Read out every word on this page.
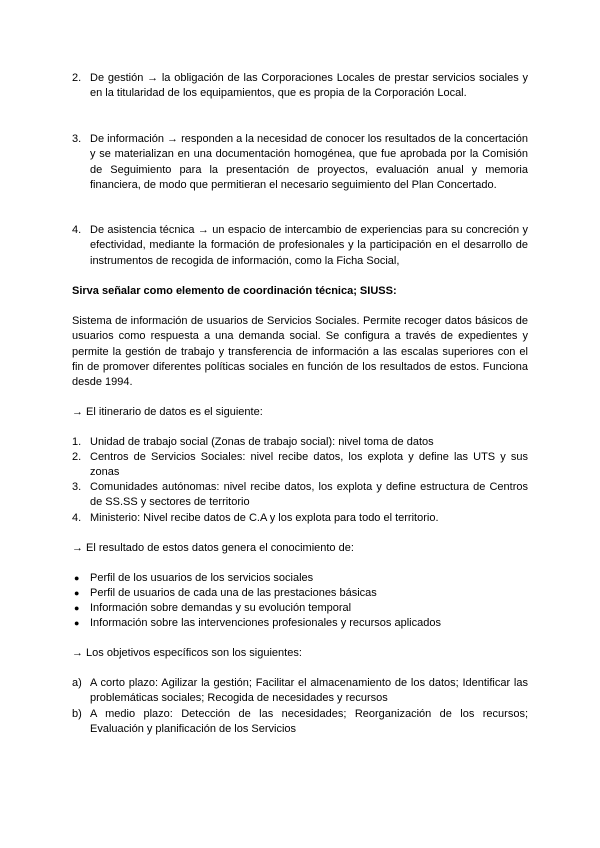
2. De gestión → la obligación de las Corporaciones Locales de prestar servicios sociales y en la titularidad de los equipamientos, que es propia de la Corporación Local.
3. De información → responden a la necesidad de conocer los resultados de la concertación y se materializan en una documentación homogénea, que fue aprobada por la Comisión de Seguimiento para la presentación de proyectos, evaluación anual y memoria financiera, de modo que permitieran el necesario seguimiento del Plan Concertado.
4. De asistencia técnica → un espacio de intercambio de experiencias para su concreción y efectividad, mediante la formación de profesionales y la participación en el desarrollo de instrumentos de recogida de información, como la Ficha Social,

Sirva señalar como elemento de coordinación técnica; SIUSS:

Sistema de información de usuarios de Servicios Sociales. Permite recoger datos básicos de usuarios como respuesta a una demanda social. Se configura a través de expedientes y permite la gestión de trabajo y transferencia de información a las escalas superiores con el fin de promover diferentes políticas sociales en función de los resultados de estos. Funciona desde 1994.

→ El itinerario de datos es el siguiente:

1. Unidad de trabajo social (Zonas de trabajo social): nivel toma de datos
2. Centros de Servicios Sociales: nivel recibe datos, los explota y define las UTS y sus zonas
3. Comunidades autónomas: nivel recibe datos, los explota y define estructura de Centros de SS.SS y sectores de territorio
4. Ministerio: Nivel recibe datos de C.A y los explota para todo el territorio.

→ El resultado de estos datos genera el conocimiento de:

● Perfil de los usuarios de los servicios sociales
● Perfil de usuarios de cada una de las prestaciones básicas
● Información sobre demandas y su evolución temporal
● Información sobre las intervenciones profesionales y recursos aplicados

→ Los objetivos específicos son los siguientes:

a) A corto plazo: Agilizar la gestión; Facilitar el almacenamiento de los datos; Identificar las problemáticas sociales; Recogida de necesidades y recursos
b) A medio plazo: Detección de las necesidades; Reorganización de los recursos; Evaluación y planificación de los Servicios
